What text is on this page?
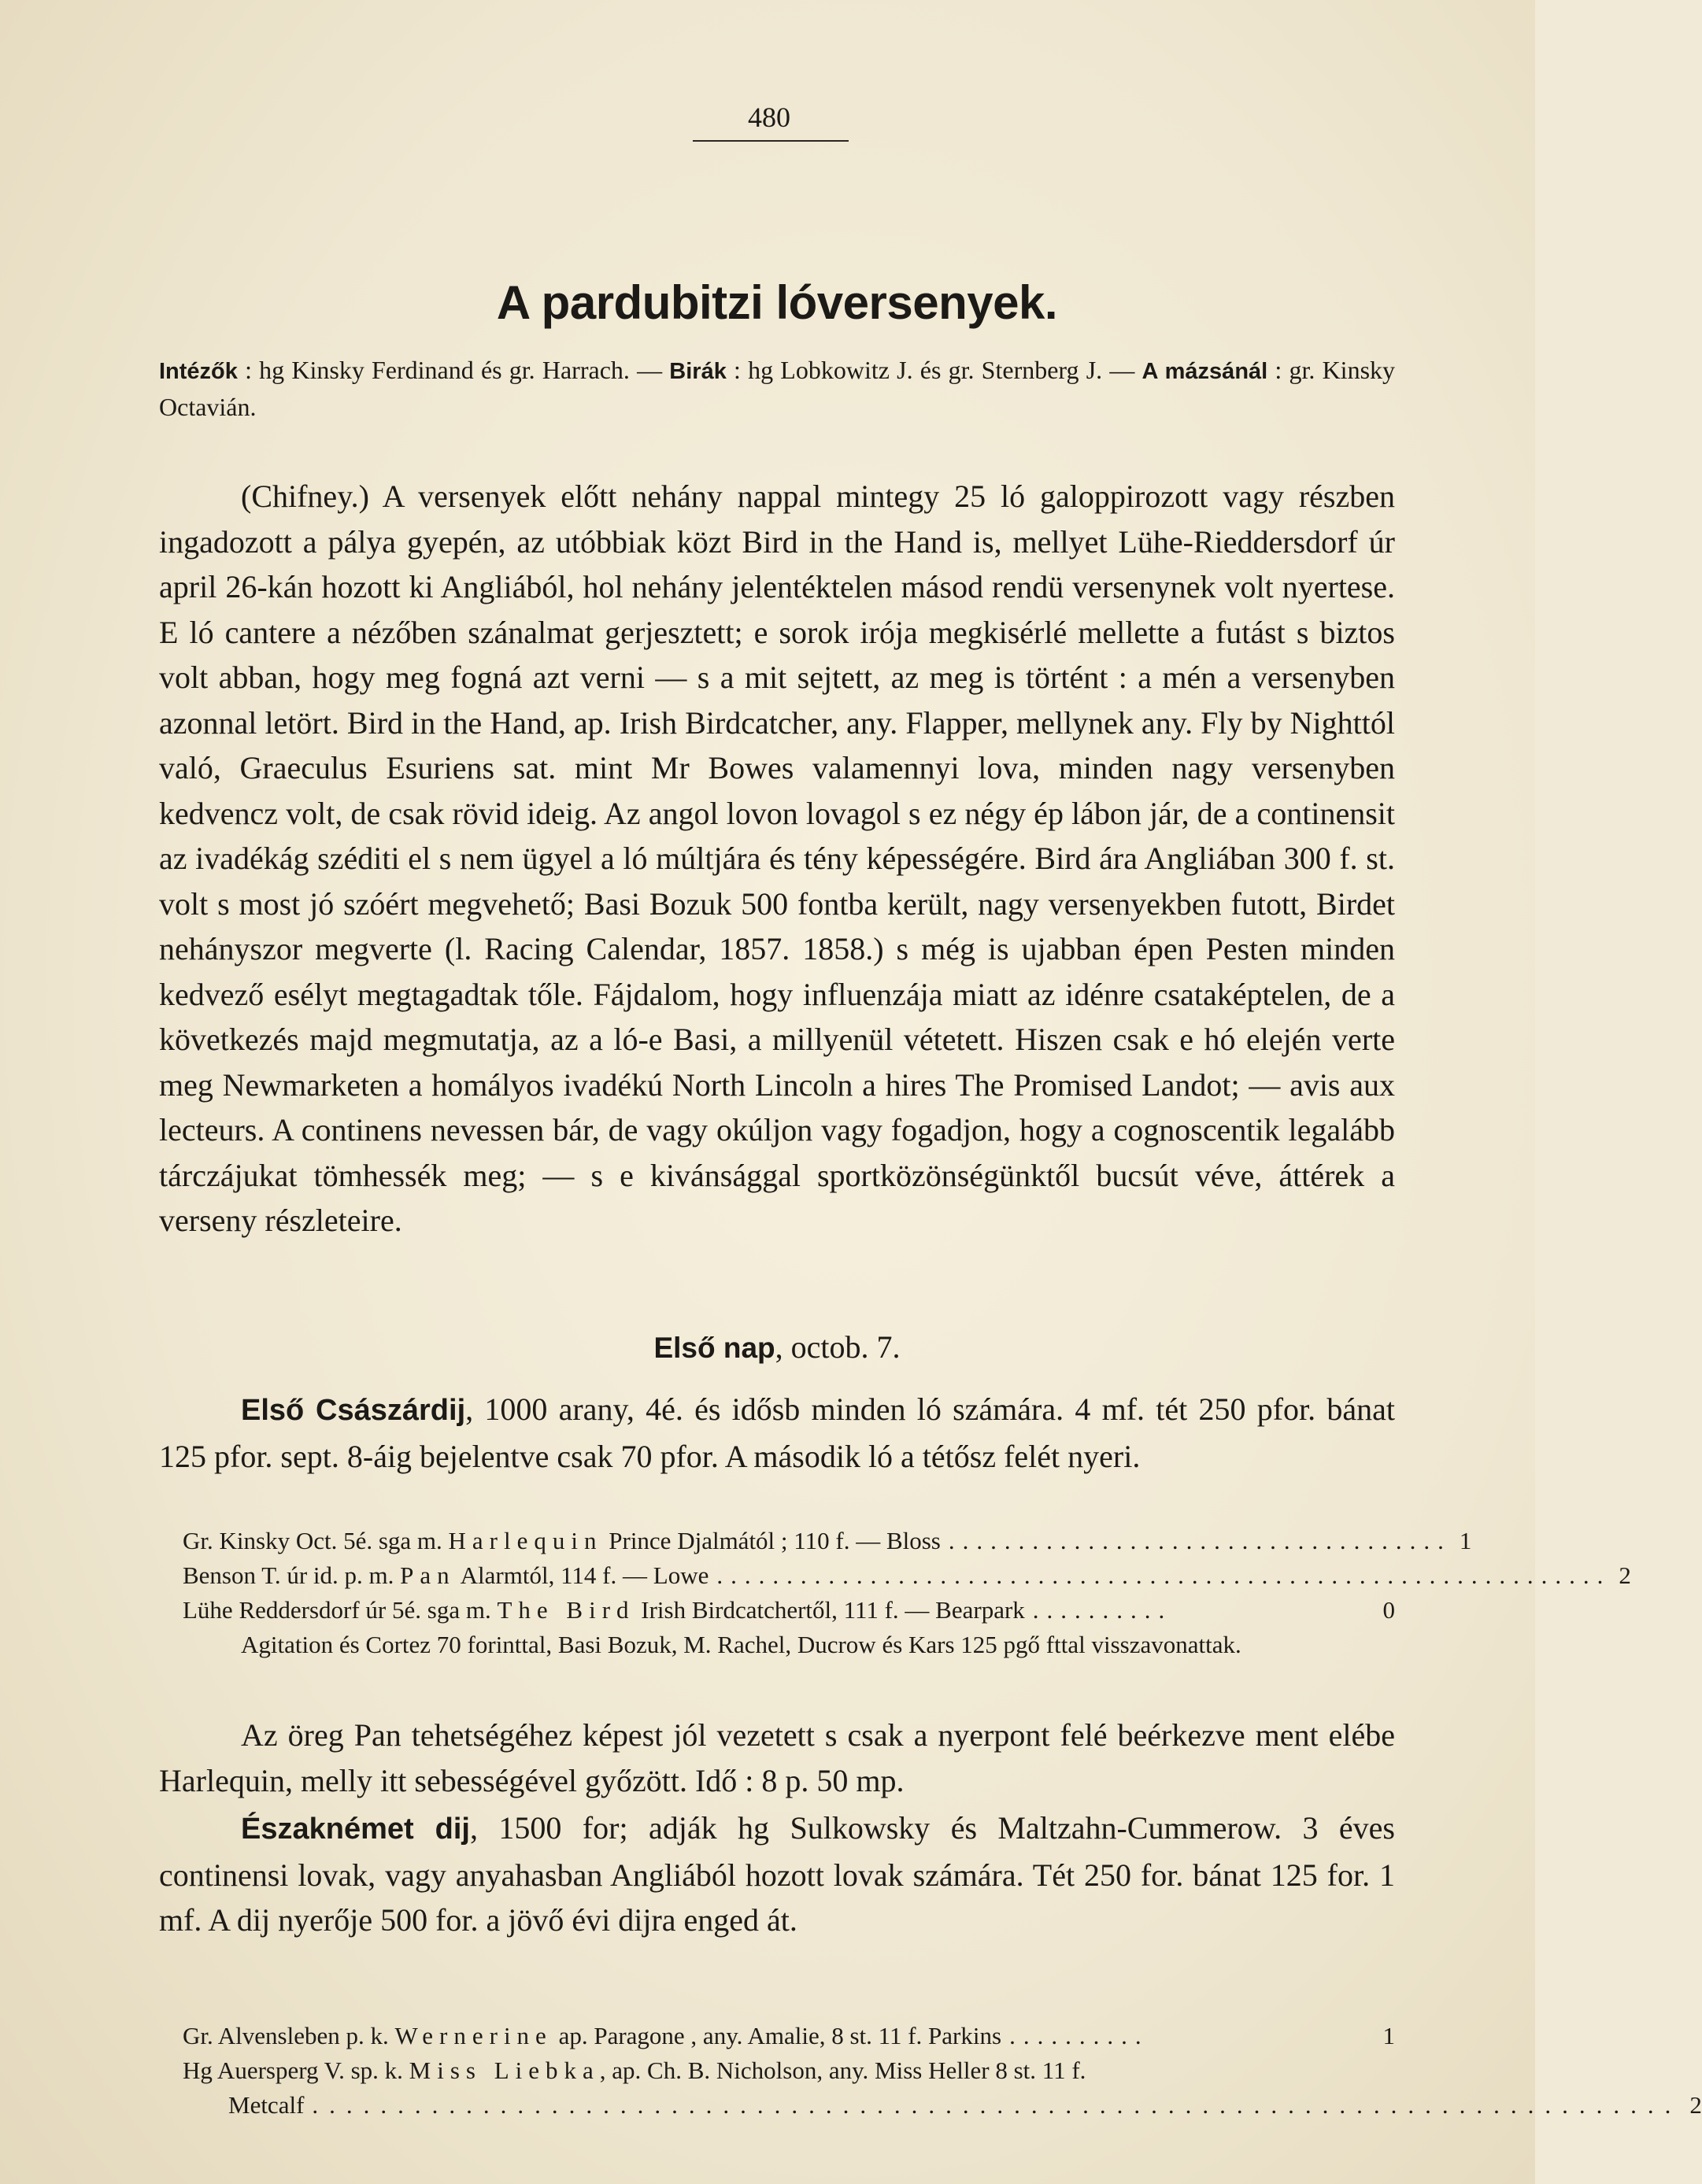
480
A pardubitzi lóversenyek.
Intézők : hg Kinsky Ferdinand és gr. Harrach. — Birák : hg Lobkowitz J. és gr. Sternberg J. — A mázsánál : gr. Kinsky Octavián.
(Chifney.) A versenyek előtt nehány nappal mintegy 25 ló galoppirozott vagy részben ingadozott a pálya gyepén, az utóbbiak közt Bird in the Hand is, mellyet Lühe-Rieddersdorf úr april 26-kán hozott ki Angliából, hol nehány jelentéktelen másod rendü versenynek volt nyertese. E ló cantere a nézőben szánalmat gerjesztett; e sorok irója megkisérlé mellette a futást s biztos volt abban, hogy meg fogná azt verni — s a mit sejtett, az meg is történt : a mén a versenyben azonnal letört. Bird in the Hand, ap. Irish Birdcatcher, any. Flapper, mellynek any. Fly by Nighttól való, Graeculus Esuriens sat. mint Mr Bowes valamennyi lova, minden nagy versenyben kedvencz volt, de csak rövid ideig. Az angol lovon lovagol s ez négy ép lábon jár, de a continensit az ivadékág széditi el s nem ügyel a ló múltjára és tény képességére. Bird ára Angliában 300 f. st. volt s most jó szóért megvehető; Basi Bozuk 500 fontba került, nagy versenyekben futott, Birdet nehányszor megverte (l. Racing Calendar, 1857. 1858.) s még is ujabban épen Pesten minden kedvező esélyt megtagadtak tőle. Fájdalom, hogy influenzája miatt az idénre csataképtelen, de a következés majd megmutatja, az a ló-e Basi, a millyenül vétetett. Hiszen csak e hó elején verte meg Newmarketen a homályos ivadékú North Lincoln a hires The Promised Landot; — avis aux lecteurs. A continens nevessen bár, de vagy okúljon vagy fogadjon, hogy a cognoscentik legalább tárczájukat tömhessék meg; — s e kivánsággal sportközönségünktől bucsút véve, áttérek a verseny részleteire.
Első nap, octob. 7.
Első Császárdij, 1000 arany, 4é. és idősb minden ló számára. 4 mf. tét 250 pfor. bánat 125 pfor. sept. 8-áig bejelentve csak 70 pfor. A második ló a tétősz felét nyeri.
Gr. Kinsky Oct. 5é. sga m. Harlequin Prince Djalmától ; 110 f. — Bloss .................................... 1
Benson T. úr id. p. m. Pan Alarmtól, 114 f. — Lowe ................................................................ 2
Lühe Reddersdorf úr 5é. sga m. The Bird Irish Birdcatchertől, 111 f. — Bearpark ..........	0
Agitation és Cortez 70 forinttal, Basi Bozuk, M. Rachel, Ducrow és Kars 125 pgő fttal visszavonattak.
Az öreg Pan tehetségéhez képest jól vezetett s csak a nyerpont felé beérkezve ment elébe Harlequin, melly itt sebességével győzött. Idő : 8 p. 50 mp.
Északnémet dij, 1500 for; adják hg Sulkowsky és Maltzahn-Cummerow. 3 éves continensi lovak, vagy anyahasban Angliából hozott lovak számára. Tét 250 for. bánat 125 for. 1 mf. A dij nyerője 500 for. a jövő évi dijra enged át.
Gr. Alvensleben p. k. Wernerine ap. Paragone , any. Amalie, 8 st. 11 f. Parkins ..........	1
Hg Auersperg V. sp. k. Miss Liebka, ap. Ch. B. Nicholson, any. Miss Heller 8 st. 11 f.
Metcalf ................................................................................ 2
